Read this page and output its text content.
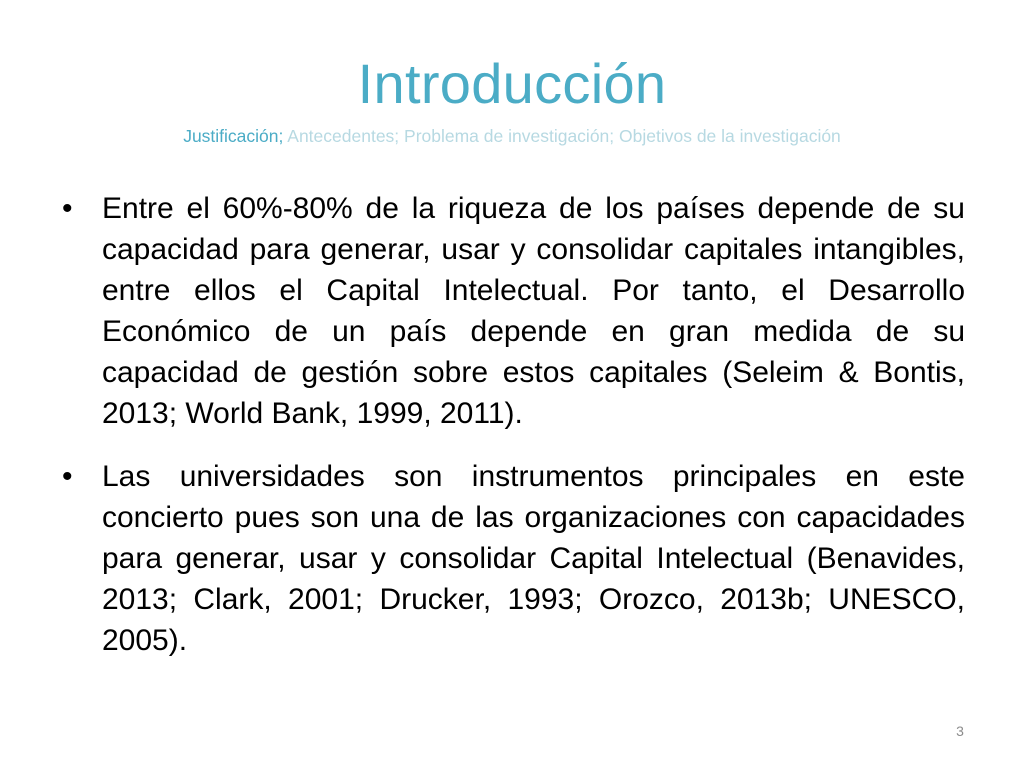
Introducción
Justificación; Antecedentes; Problema de investigación; Objetivos de la investigación
• Entre el 60%-80% de la riqueza de los países depende de su capacidad para generar, usar y consolidar capitales intangibles, entre ellos el Capital Intelectual. Por tanto, el Desarrollo Económico de un país depende en gran medida de su capacidad de gestión sobre estos capitales (Seleim & Bontis, 2013; World Bank, 1999, 2011).
• Las universidades son instrumentos principales en este concierto pues son una de las organizaciones con capacidades para generar, usar y consolidar Capital Intelectual (Benavides, 2013; Clark, 2001; Drucker, 1993; Orozco, 2013b; UNESCO, 2005).
3
